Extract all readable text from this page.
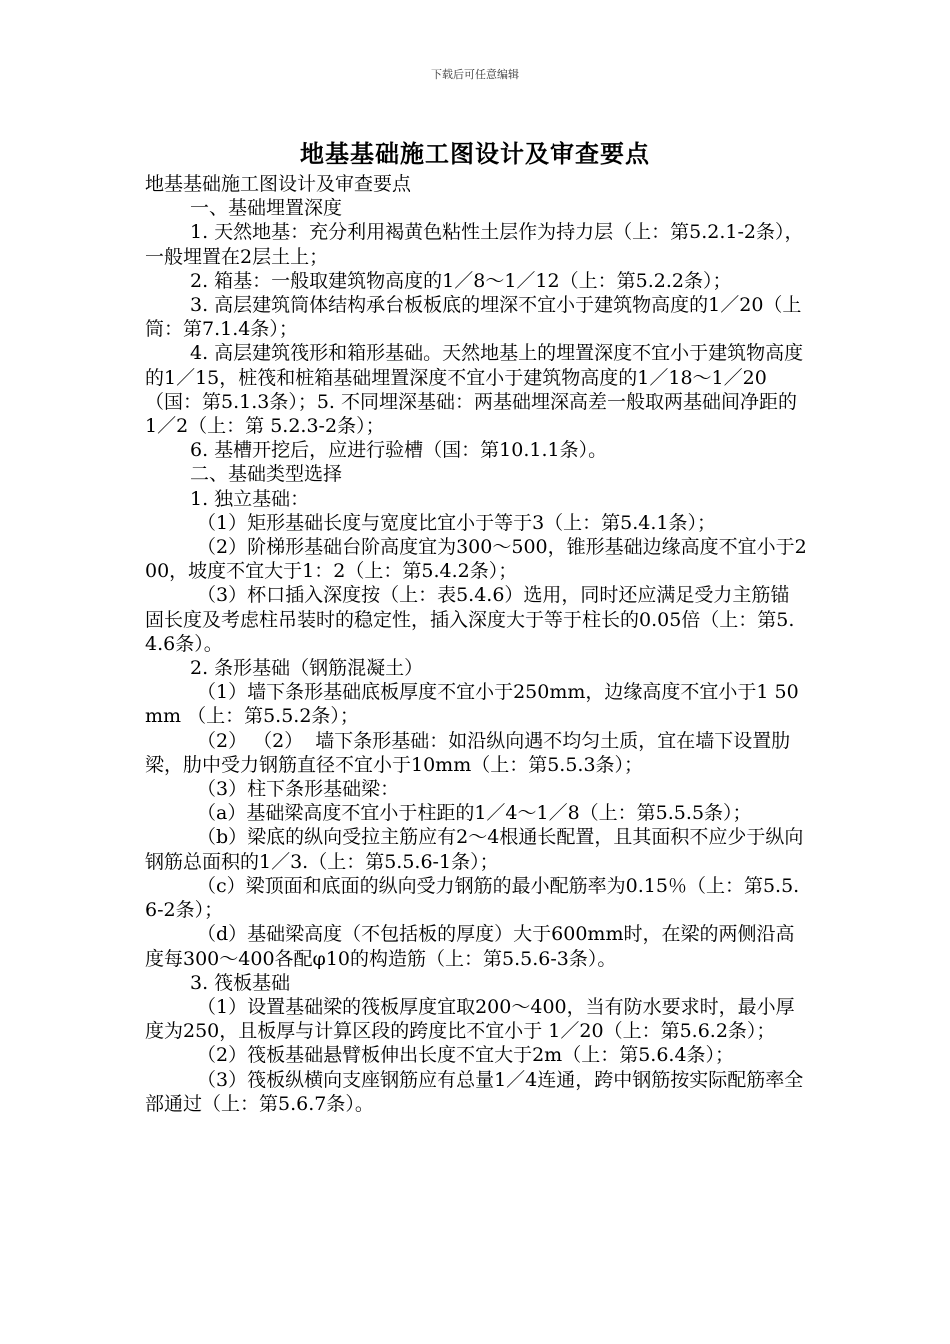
下载后可任意编辑
地基基础施工图设计及审查要点

地基基础施工图设计及审查要点

一、基础埋置深度

1. 天然地基：充分利用褐黄色粘性土层作为持力层（上：第5.2.1-2条），一般埋置在2层土上；

2. 箱基：一般取建筑物高度的1／8～1／12（上：第5.2.2条）；

3. 高层建筑筒体结构承台板板底的埋深不宜小于建筑物高度的1／20（上筒：第7.1.4条）；

4. 高层建筑筏形和箱形基础。天然地基上的埋置深度不宜小于建筑物高度的1／15，桩筏和桩箱基础埋置深度不宜小于建筑物高度的1／18～1／20（国：第5.1.3条）；5. 不同埋深基础：两基础埋深高差一般取两基础间净距的1／2（上：第 5.2.3-2条）；

6. 基槽开挖后，应进行验槽（国：第10.1.1条）。

二、基础类型选择

1. 独立基础：

（1）矩形基础长度与宽度比宜小于等于3（上：第5.4.1条）；

（2）阶梯形基础台阶高度宜为300～500，锥形基础边缘高度不宜小于200，坡度不宜大于1：2（上：第5.4.2条）；

（3）杯口插入深度按（上：表5.4.6）选用，同时还应满足受力主筋锚固长度及考虑柱吊装时的稳定性，插入深度大于等于柱长的0.05倍（上：第5.4.6条）。

2. 条形基础（钢筋混凝土）

（1）墙下条形基础底板厚度不宜小于250mm，边缘高度不宜小于1 50mm （上：第5.5.2条）；

（2） （2）  墙下条形基础：如沿纵向遇不均匀土质，宜在墙下设置肋梁，肋中受力钢筋直径不宜小于10mm（上：第5.5.3条）；

（3）柱下条形基础梁：

（a）基础梁高度不宜小于柱距的1／4～1／8（上：第5.5.5条）；

（b）梁底的纵向受拉主筋应有2～4根通长配置，且其面积不应少于纵向钢筋总面积的1／3.（上：第5.5.6-1条）；

（c）梁顶面和底面的纵向受力钢筋的最小配筋率为0.15％（上：第5.5.6-2条）；

（d）基础梁高度（不包括板的厚度）大于600mm时，在梁的两侧沿高度每300～400各配φ10的构造筋（上：第5.5.6-3条）。

3. 筏板基础

（1）设置基础梁的筏板厚度宜取200～400，当有防水要求时，最小厚度为250，且板厚与计算区段的跨度比不宜小于 1／20（上：第5.6.2条）；

（2）筏板基础悬臂板伸出长度不宜大于2m（上：第5.6.4条）；

（3）筏板纵横向支座钢筋应有总量1／4连通，跨中钢筋按实际配筋率全部通过（上：第5.6.7条）。
